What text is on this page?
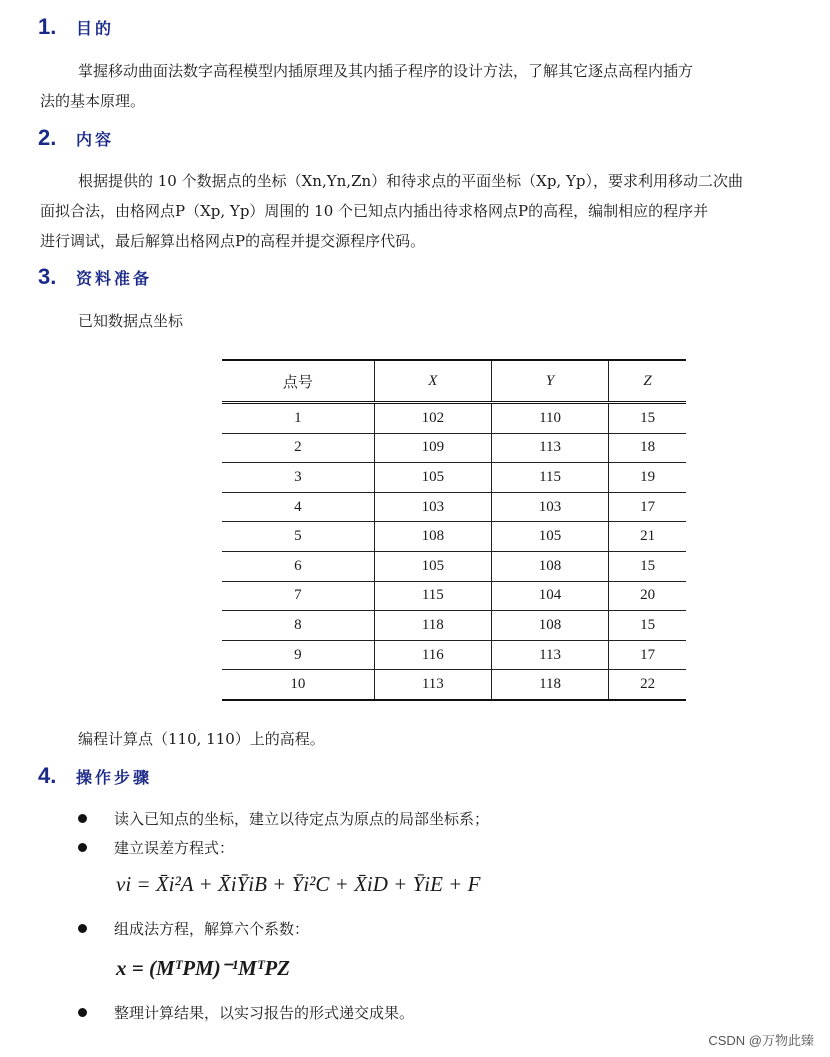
1.	目的
掌握移动曲面法数字高程模型内插原理及其内插子程序的设计方法，了解其它逐点高程内插方
法的基本原理。
2.	内容
根据提供的 10 个数据点的坐标（Xn,Yn,Zn）和待求点的平面坐标（Xp, Yp），要求利用移动二次曲
面拟合法，由格网点P（Xp, Yp）周围的 10 个已知点内插出待求格网点P的高程，编制相应的程序并
进行调试，最后解算出格网点P的高程并提交源程序代码。
3.	资料准备
已知数据点坐标
点号	X	Y	Z
1	102	110	15
2	109	113	18
3	105	115	19
4	103	103	17
5	108	105	21
6	105	108	15
7	115	104	20
8	118	108	15
9	116	113	17
10	113	118	22
编程计算点（110, 110）上的高程。
4.	操作步骤
读入已知点的坐标，建立以待定点为原点的局部坐标系；
建立误差方程式：
vi = X̄i²A + X̄iȲiB + Ȳi²C + X̄iD + ȲiE + F
组成法方程，解算六个系数：
x = (MᵀPM)⁻¹MᵀPZ
整理计算结果，以实习报告的形式递交成果。
CSDN @万物此臻
